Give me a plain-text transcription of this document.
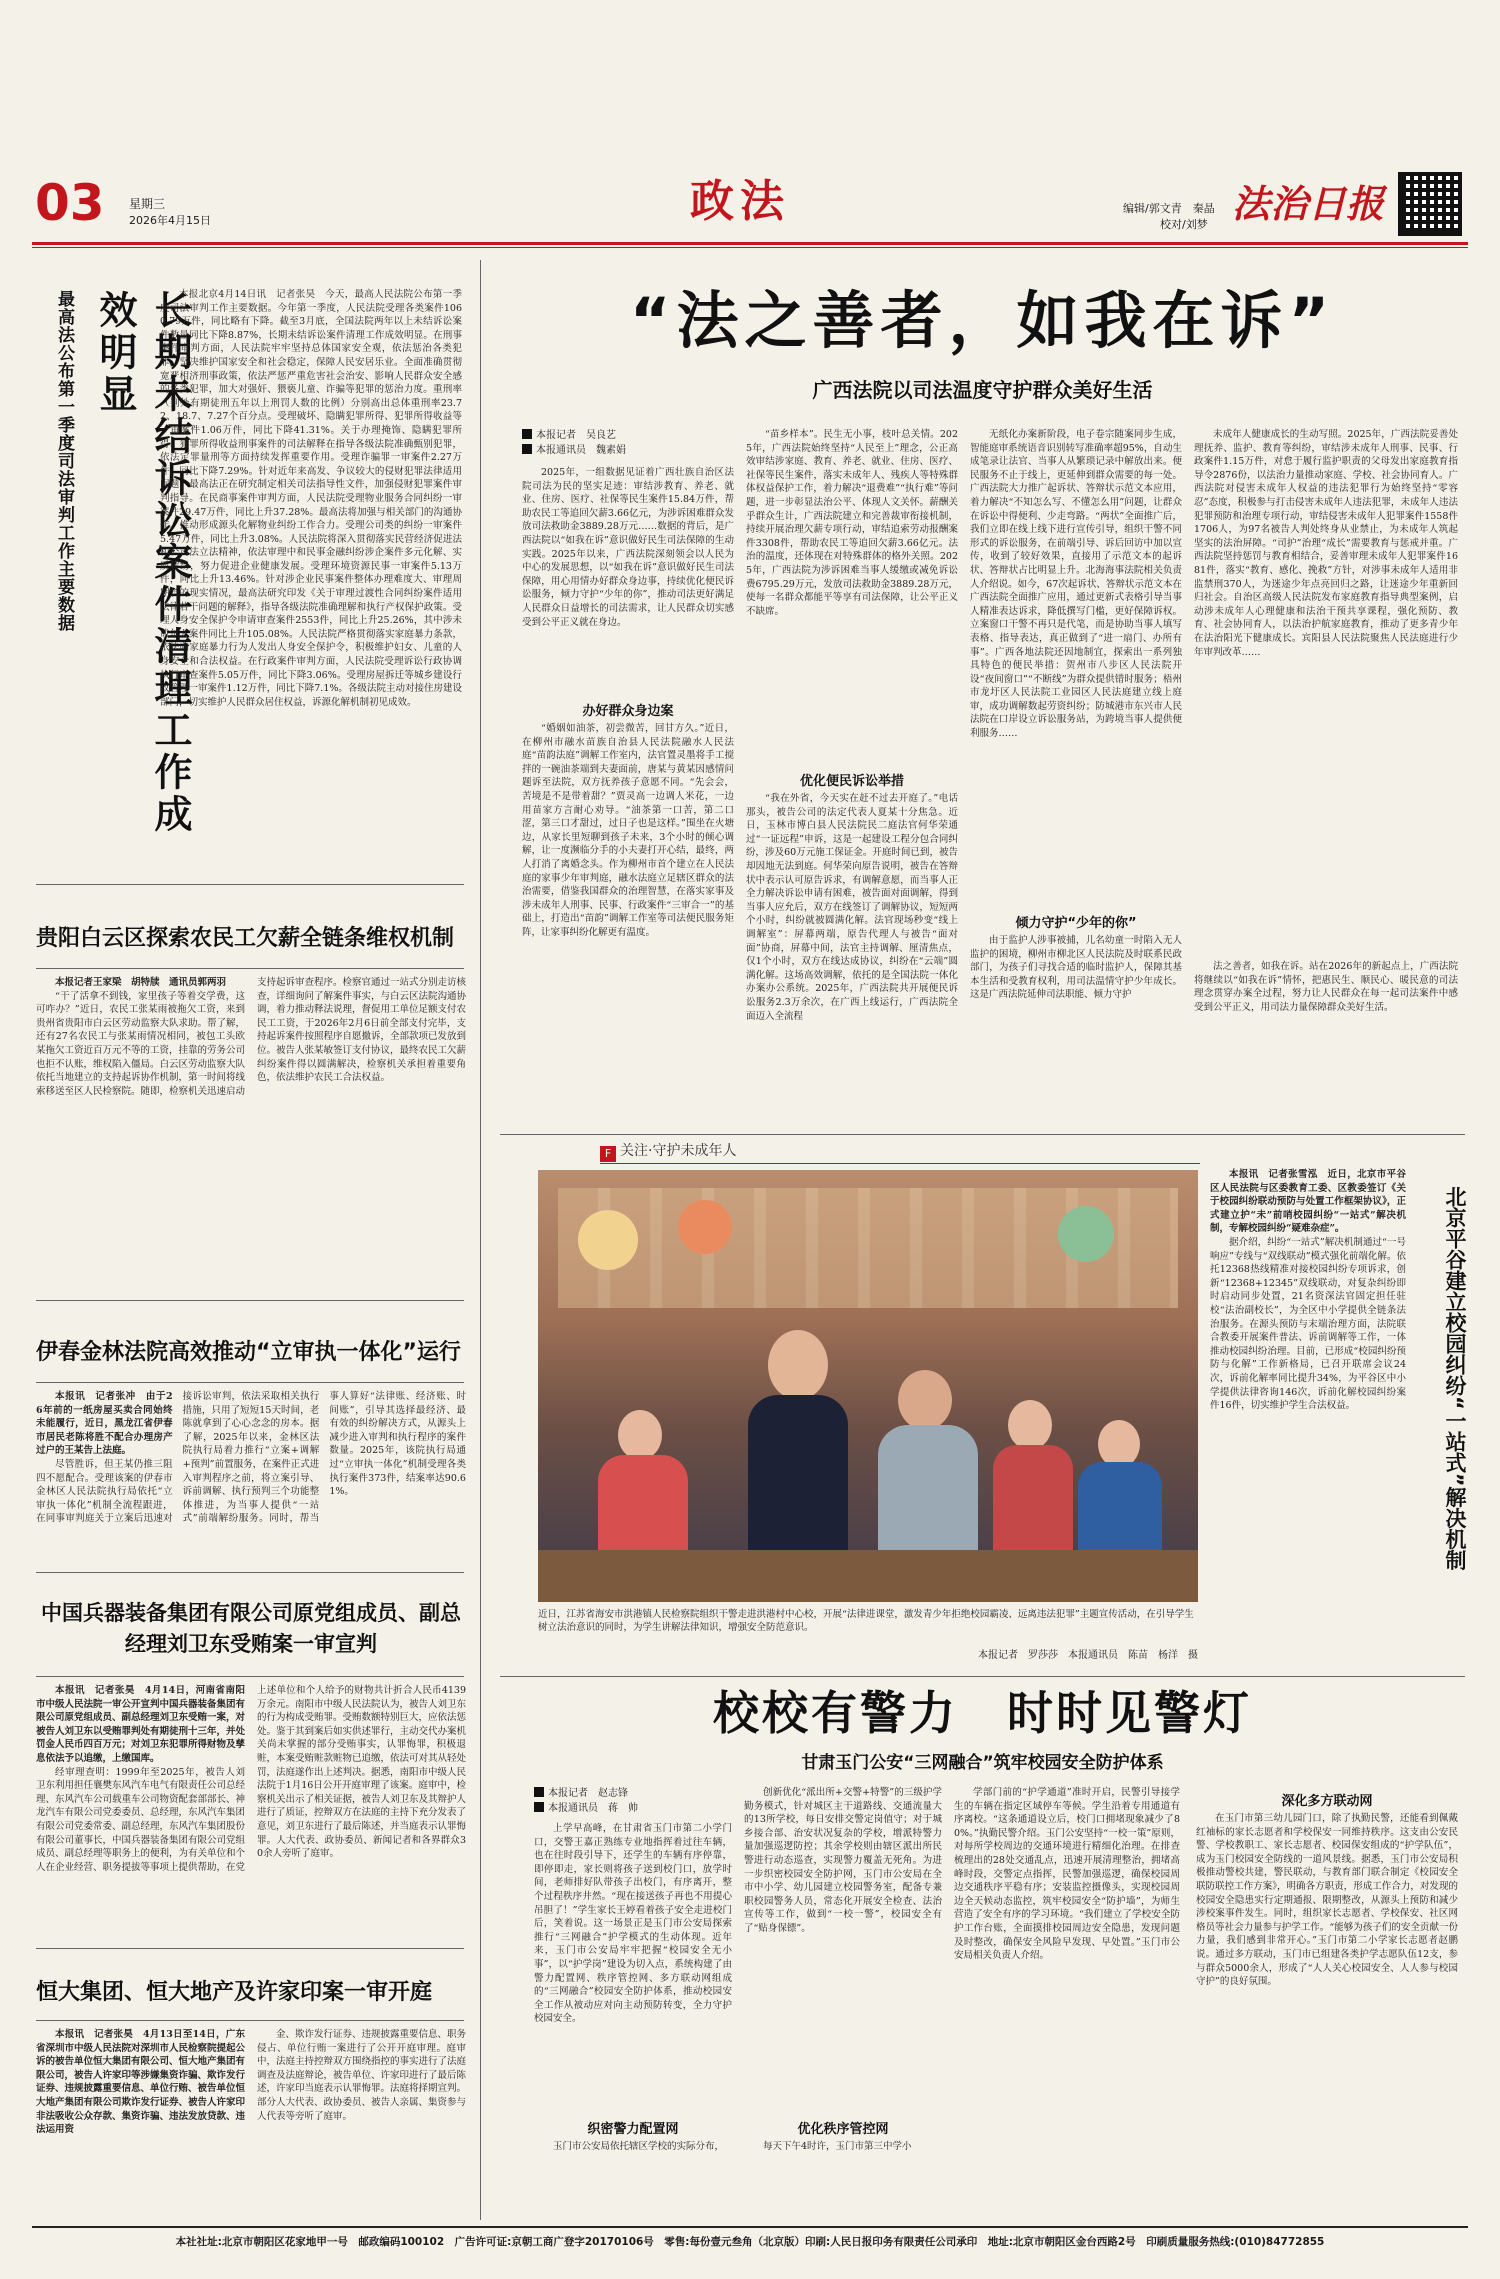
03 星期三
2026年4月15日	政法	编辑/郭文青　秦晶
校对/刘梦 法治日报
长期未结诉讼案件清理工作成效明显
最高法公布第一季度司法审判工作主要数据	本报北京4月14日讯　记者张昊　今天，最高人民法院公布第一季度司法审判工作主要数据。今年第一季度，人民法院受理各类案件1060.79万件，同比略有下降。截至3月底，全国法院两年以上未结诉讼案件数量同比下降8.87%，长期未结诉讼案件清理工作成效明显。在刑事案件审判方面，人民法院牢牢坚持总体国家安全观，依法惩治各类犯罪，坚决维护国家安全和社会稳定，保障人民安居乐业。全面准确贯彻宽严相济刑事政策，依法严惩严重危害社会治安、影响人民群众安全感的各类犯罪，加大对强奸、猥亵儿童、诈骗等犯罪的惩治力度。重刑率（判处有期徒刑五年以上刑罚人数的比例）分别高出总体重刑率23.72、18.7、7.27个百分点。受理破坏、隐瞒犯罪所得、犯罪所得收益等一审案件1.06万件，同比下降41.31%。关于办理掩饰、隐瞒犯罪所得、犯罪所得收益刑事案件的司法解释在指导各级法院准确甄别犯罪，依法定罪量刑等方面持续发挥重要作用。受理诈骗罪一审案件2.27万件，同比下降7.29%。针对近年来高发、争议较大的侵财犯罪法律适用问题，最高法正在研究制定相关司法指导性文件，加强侵财犯罪案件审判指导。在民商事案件审判方面，人民法院受理物业服务合同纠纷一审案件29.47万件，同比上升37.28%。最高法将加强与相关部门的沟通协作，推动形成源头化解物业纠纷工作合力。受理公司类的纠纷一审案件5.47万件，同比上升3.08%。人民法院将深入贯彻落实民营经济促进法和公司法立法精神，依法审理中和民事金融纠纷涉企案件多元化解、实质解纷，努力促进企业健康发展。受理环境资源民事一审案件5.13万件，同比上升13.46%。针对涉企业民事案件整体办理难度大、审理周期长的现实情况，最高法研究印发《关于审理过渡性合同纠纷案件适用法律若干问题的解释》，指导各级法院准确理解和执行产权保护政策。受理人身安全保护令申请审查案件2553件，同比上升25.26%，其中涉未成年人案件同比上升105.08%。人民法院严格贯彻落实家庭暴力条款，依法向家庭暴力行为人发出人身安全保护令，积极维护妇女、儿童的人身安全和合法权益。在行政案件审判方面，人民法院受理诉讼行政协调执行审查案件5.05万件，同比下降3.06%。受理房屋拆迁等城乡建设行政管理一审案件1.12万件，同比下降7.1%。各级法院主动对接住房建设部门，切实维护人民群众居住权益，诉源化解机制初见成效。

贵阳白云区探索农民工欠薪全链条维权机制

本报记者王家梁　胡特牍　通讯员郭两羽

“干了活拿不到钱，家里孩子等着交学费，这可咋办？”近日，农民工张某雨被拖欠工资，来到贵州省贵阳市白云区劳动监察大队求助。帮了解，还有27名农民工与张某雨情况相同，被包工头欧某拖欠工资近百万元不等的工资，挂靠的劳务公司也拒不认账，维权陷入僵局。白云区劳动监察大队依托当地建立的支持起诉协作机制，第一时间将线索移送至区人民检察院。随即，检察机关迅速启动支持起诉审查程序。检察官通过一站式分别走访核查，详细询问了解案件事实，与白云区法院沟通协调，着力推动释法说理，督促用工单位足额支付农民工工资，于2026年2月6日前全部支付完毕，支持起诉案件按照程序自愿撤诉，全部款项已发放到位。被告人张某敏签订支付协议，最终农民工欠薪纠纷案件得以圆满解决，检察机关承担着重要角色，依法维护农民工合法权益。

伊春金林法院高效推动“立审执一体化”运行

本报讯　记者张冲　由于26年前的一纸房屋买卖合同始终未能履行，近日，黑龙江省伊春市居民老陈将胜不配合办理房产过户的王某告上法庭。

尽管胜诉，但王某仍推三阻四不愿配合。受理该案的伊春市金林区人民法院执行局依托“立审执一体化”机制全流程跟进，在同事审判庭关于立案后迅速对接诉讼审判，依法采取相关执行措施，只用了短短15天时间，老陈就拿到了心心念念的房本。据了解，2025年以来，金林区法院执行局着力推行“立案+调解+预判”前置服务，在案件正式进入审判程序之前，将立案引导、诉前调解、执行预判三个功能整体推进，为当事人提供“一站式”前端解纷服务。同时，帮当事人算好“法律账、经济账、时间账”，引导其选择最经济、最有效的纠纷解决方式，从源头上减少进入审判和执行程序的案件数量。2025年，该院执行局通过“立审执一体化”机制受理各类执行案件373件，结案率达90.61%。

中国兵器装备集团有限公司原党组成员、副总经理刘卫东受贿案一审宣判

本报讯　记者张昊　4月14日，河南省南阳市中级人民法院一审公开宣判中国兵器装备集团有限公司原党组成员、副总经理刘卫东受贿一案，对被告人刘卫东以受贿罪判处有期徒刑十三年，并处罚金人民币四百万元；对刘卫东犯罪所得财物及孳息依法予以追缴，上缴国库。

经审理查明：1999年至2025年，被告人刘卫东利用担任襄樊东风汽车电气有限责任公司总经理、东风汽车公司载重车公司物资配套部部长、神龙汽车有限公司党委委员、总经理，东风汽车集团有限公司党委常委、副总经理，东风汽车集团股份有限公司董事长，中国兵器装备集团有限公司党组成员、副总经理等职务上的便利，为有关单位和个人在企业经营、职务提拔等事项上提供帮助，在党上述单位和个人给予的财物共计折合人民币4139万余元。南阳市中级人民法院认为，被告人刘卫东的行为构成受贿罪。受贿数额特别巨大，应依法惩处。鉴于其到案后如实供述罪行，主动交代办案机关尚未掌握的部分受贿事实，认罪悔罪，积极退赃，本案受贿赃款赃物已追缴，依法可对其从轻处罚，法庭遂作出上述判决。据悉，南阳市中级人民法院于1月16日公开开庭审理了该案。庭审中，检察机关出示了相关证据，被告人刘卫东及其辩护人进行了质证，控辩双方在法庭的主持下充分发表了意见，刘卫东进行了最后陈述，并当庭表示认罪悔罪。人大代表、政协委员、新闻记者和各界群众30余人旁听了庭审。

恒大集团、恒大地产及许家印案一审开庭

本报讯　记者张昊　4月13日至14日，广东省深圳市中级人民法院对深圳市人民检察院提起公诉的被告单位恒大集团有限公司、恒大地产集团有限公司，被告人许家印等涉嫌集资诈骗、欺诈发行证券、违规披露重要信息、单位行贿、被告单位恒大地产集团有限公司欺诈发行证券、被告人许家印非法吸收公众存款、集资诈骗、违法发放贷款、违法运用资

金、欺诈发行证券、违规披露重要信息、职务侵占、单位行贿一案进行了公开开庭审理。庭审中，法庭主持控辩双方围绕指控的事实进行了法庭调查及法庭辩论，被告单位、许家印进行了最后陈述，许家印当庭表示认罪悔罪。法庭将择期宣判。部分人大代表、政协委员、被告人亲属、集资参与人代表等旁听了庭审。

“法之善者，如我在诉”
广西法院以司法温度守护群众美好生活
本报记者　吴良艺
本报通讯员　魏素娟

2025年，一组数据见证着广西壮族自治区法院司法为民的坚实足迹：审结涉教育、养老、就业、住房、医疗、社保等民生案件15.84万件，帮助农民工等追回欠薪3.66亿元，为涉诉困难群众发放司法救助金3889.28万元……数据的背后，是广西法院以“如我在诉”意识做好民生司法保障的生动实践。2025年以来，广西法院深刻领会以人民为中心的发展思想，以“如我在诉”意识做好民生司法保障，用心用情办好群众身边事，持续优化便民诉讼服务，倾力守护“少年的你”，推动司法更好满足人民群众日益增长的司法需求，让人民群众切实感受到公平正义就在身边。

办好群众身边案

“婚姻如油茶，初尝微苦，回甘方久。”近日，在柳州市融水苗族自治县人民法院融水人民法庭“苗韵法庭”调解工作室内，法官置灵墨将手工搅拌的一碗油茶端到夫妻面前，唐某与黄某因感情问题诉至法院，双方抚养孩子意愿不同。“先会会，苦境是不是带着甜？”贾灵高一边调人米花，一边用苗家方言耐心劝导。“油茶第一口苦，第二口涩，第三口才甜过，过日子也是这样。”围坐在火塘边，从家长里短聊到孩子未来，3个小时的倾心调解，让一度濒临分手的小夫妻打开心结，最终，两人打消了离婚念头。作为柳州市首个建立在人民法庭的家事少年审判庭，融水法庭立足辖区群众的法治需要，借鉴我国群众的治理智慧，在落实家事及涉未成年人刑事、民事、行政案件“三审合一”的基础上，打造出“苗韵”调解工作室等司法便民服务矩阵，让家事纠纷化解更有温度。

“苗乡样本”。民生无小事，枝叶总关情。2025年，广西法院始终坚持“人民至上”理念，公正高效审结涉家庭、教育、养老、就业、住房、医疗、社保等民生案件，落实未成年人、残疾人等特殊群体权益保护工作，着力解决“退费难”“执行难”等问题，进一步彰显法治公平、体现人文关怀。薪酬关乎群众生计，广西法院建立和完善裁审衔接机制，持续开展治理欠薪专项行动，审结追索劳动报酬案件3308件，帮助农民工等追回欠薪3.66亿元。法治的温度，还体现在对特殊群体的格外关照。2025年，广西法院为涉诉困难当事人缓缴或减免诉讼费6795.29万元，发放司法救助金3889.28万元，使每一名群众都能平等享有司法保障，让公平正义不缺席。

优化便民诉讼举措

“我在外省，今天实在赶不过去开庭了。”电话那头，被告公司的法定代表人夏某十分焦急。近日，玉林市博白县人民法院民二庭法官何华荣通过“一证远程”申诉，这是一起建设工程分包合同纠纷，涉及60万元施工保证金。开庭时间已到，被告却因地无法到庭。何华荣向原告说明，被告在答辩状中表示认可原告诉求，有调解意愿，而当事人正全力解决诉讼申请有困难，被告面对面调解，得到当事人应允后，双方在线签订了调解协议，短短两个小时，纠纷就被圆满化解。法官现场秒变“线上调解室”：屏幕两端，原告代理人与被告“面对面”协商，屏幕中间，法官主持调解、厘清焦点，仅1个小时，双方在线达成协议，纠纷在“云端”圆满化解。这场高效调解，依托的是全国法院一体化办案办公系统。2025年，广西法院共开展便民诉讼服务2.3万余次，在广西上线运行，广西法院全面迈入全流程

无纸化办案新阶段，电子卷宗随案同步生成，智能庭审系统语音识别转写准确率超95%，自动生成笔录让法官、当事人从繁琐记录中解放出来。便民服务不止于线上，更延伸到群众需要的每一处。广西法院大力推广起诉状、答辩状示范文本应用，着力解决“不知怎么写、不懂怎么用”问题，让群众在诉讼中得便利、少走弯路。“两状”全面推广后，我们立即在线上线下进行宣传引导，组织干警不同形式的诉讼服务，在前端引导、诉后回访中加以宣传，收到了较好效果，直接用了示范文本的起诉状、答辩状占比明显上升。北海海事法院相关负责人介绍说。如今，67次起诉状、答辩状示范文本在广西法院全面推广应用，通过更新式表格引导当事人精准表达诉求，降低撰写门槛，更好保障诉权。立案窗口干警不再只是代笔，而是协助当事人填写表格、指导表达，真正做到了“进一扇门、办所有事”。广西各地法院还因地制宜，探索出一系列独具特色的便民举措：贺州市八步区人民法院开设“夜间窗口”“不断线”为群众提供错时服务；梧州市龙圩区人民法院工业园区人民法庭建立线上庭审，成功调解数起劳资纠纷；防城港市东兴市人民法院在口岸设立诉讼服务站，为跨境当事人提供便利服务……

倾力守护“少年的你”

由于监护人涉事被捕，儿名幼童一时陷入无人监护的困境，柳州市柳北区人民法院及时联系民政部门，为孩子们寻找合适的临时监护人，保障其基本生活和受教育权利，用司法温情守护少年成长。这是广西法院延伸司法职能、倾力守护

未成年人健康成长的生动写照。2025年，广西法院妥善处理抚养、监护、教育等纠纷，审结涉未成年人刑事、民事、行政案件1.15万件，对怠于履行监护职责的父母发出家庭教育指导令2876份，以法治力量推动家庭、学校、社会协同育人。广西法院对侵害未成年人权益的违法犯罪行为始终坚持“零容忍”态度，积极参与打击侵害未成年人违法犯罪，未成年人违法犯罪预防和治理专项行动，审结侵害未成年人犯罪案件1558件1706人，为97名被告人判处终身从业禁止，为未成年人筑起坚实的法治屏障。“司护”治理“成长”需要教育与惩戒并重。广西法院坚持惩罚与教育相结合，妥善审理未成年人犯罪案件1681件，落实“教育、感化、挽救”方针，对涉事未成年人适用非监禁刑370人，为迷途少年点亮回归之路，让迷途少年重新回归社会。自治区高级人民法院发布家庭教育指导典型案例，启动涉未成年人心理健康和法治干预共享课程，强化预防、教育、社会协同育人，以法治护航家庭教育，推动了更多青少年在法治阳光下健康成长。宾阳县人民法院聚焦人民法庭进行少年审判改革……

法之善者，如我在诉。站在2026年的新起点上，广西法院将继续以“如我在诉”情怀，把惠民生、顺民心、暖民意的司法理念贯穿办案全过程，努力让人民群众在每一起司法案件中感受到公平正义，用司法力量保障群众美好生活。

F 关注·守护未成年人
近日，江苏省海安市洪港镇人民检察院组织干警走进洪港村中心校，开展“法律进课堂，激发青少年拒绝校园霸凌、远离违法犯罪”主题宣传活动，在引导学生树立法治意识的同时，为学生讲解法律知识，增强安全防范意识。
本报记者　罗莎莎　本报通讯员　陈苗　杨洋　摄

本报讯　记者张雪泓　近日，北京市平谷区人民法院与区委教育工委、区教委签订《关于校园纠纷联动预防与处置工作框架协议》，正式建立护“未”前哨校园纠纷“一站式”解决机制，专解校园纠纷“疑难杂症”。

据介绍，纠纷“一站式”解决机制通过“一号响应”专线与“双线联动”模式强化前端化解。依托12368热线精准对接校园纠纷专项诉求，创新“12368+12345”双线联动，对复杂纠纷即时启动同步处置，21名资深法官固定担任驻校“法治副校长”，为全区中小学提供全链条法治服务。在源头预防与末端治理方面，法院联合教委开展案件普法、诉前调解等工作，一体推动校园纠纷治理。目前，已形成“校园纠纷预防与化解”工作新格局，已召开联席会议24次，诉前化解率同比提升34%，为平谷区中小学提供法律咨询146次，诉前化解校园纠纷案件16件，切实维护学生合法权益。	北京平谷建立校园纠纷“一站式”解决机制
校校有警力　时时见警灯
甘肃玉门公安“三网融合”筑牢校园安全防护体系
本报记者　赵志锋
本报通讯员　蒋　帅

上学早高峰，在甘肃省玉门市第二小学门口，交警王嘉正熟练专业地指挥着过往车辆，也在往时段引导下，还学生的车辆有序停靠，即停即走，家长则将孩子送到校门口，放学时间，老师排好队带孩子出校门，有序离开，整个过程秩序井然。“现在接送孩子再也不用提心吊胆了！”学生家长王婷看着孩子安全走进校门后，笑着说。这一场景正是玉门市公安局探索推行“三网融合”护学模式的生动体现。近年来，玉门市公安局牢牢把握“校园安全无小事”，以“护学岗”建设为切入点，系统构建了由警力配置网、秩序管控网、多方联动网组成的“三网融合”校园安全防护体系，推动校园安全工作从被动应对向主动预防转变，全力守护校园安全。

织密警力配置网

玉门市公安局依托辖区学校的实际分布，

创新优化“派出所+交警+特警”的三级护学勤务模式，针对城区主干道路线、交通流量大的13所学校，每日安排交警定岗值守；对于城乡接合部、治安状况复杂的学校，增派特警力量加强巡逻防控；其余学校则由辖区派出所民警进行动态巡查，实现警力覆盖无死角。为进一步织密校园安全防护网，玉门市公安局在全市中小学、幼儿园建立校园警务室，配备专兼职校园警务人员，常态化开展安全检查、法治宣传等工作，做到“一校一警”，校园安全有了“贴身保镖”。

优化秩序管控网

每天下午4时许，玉门市第三中学小

学部门前的“护学通道”准时开启，民警引导接学生的车辆在指定区域停车等候。学生沿着专用通道有序离校。“这条通道设立后，校门口拥堵现象减少了80%。”执勤民警介绍。玉门公安坚持“一校一策”原则，对每所学校周边的交通环境进行精细化治理。在排查梳理出的28处交通乱点，迅速开展清理整治，拥堵高峰时段，交警定点指挥，民警加强巡逻，确保校园周边交通秩序平稳有序；安装监控摄像头，实现校园周边全天候动态监控，筑牢校园安全“防护墙”，为师生营造了安全有序的学习环境。“我们建立了学校安全防护工作台账，全面摸排校园周边安全隐患，发现问题及时整改，确保安全风险早发现、早处置。”玉门市公安局相关负责人介绍。

深化多方联动网

在玉门市第三幼儿园门口，除了执勤民警，还能看到佩戴红袖标的家长志愿者和学校保安一同维持秩序。这支由公安民警、学校教职工、家长志愿者、校园保安组成的“护学队伍”，成为玉门校园安全防线的一道风景线。据悉，玉门市公安局积极推动警校共建，警民联动，与教育部门联合制定《校园安全联防联控工作方案》，明确各方职责，形成工作合力，对发现的校园安全隐患实行定期通报、限期整改，从源头上预防和减少涉校案事件发生。同时，组织家长志愿者、学校保安、社区网格员等社会力量参与护学工作。“能够为孩子们的安全贡献一份力量，我们感到非常开心。”玉门市第二小学家长志愿者赵鹏说。通过多方联动，玉门市已组建各类护学志愿队伍12支，参与群众5000余人，形成了“人人关心校园安全、人人参与校园守护”的良好氛围。

本社社址:北京市朝阳区花家地甲一号　邮政编码100102　广告许可证:京朝工商广登字20170106号　零售:每份壹元叁角（北京版）印刷:人民日报印务有限责任公司承印　地址:北京市朝阳区金台西路2号　印刷质量服务热线:(010)84772855
